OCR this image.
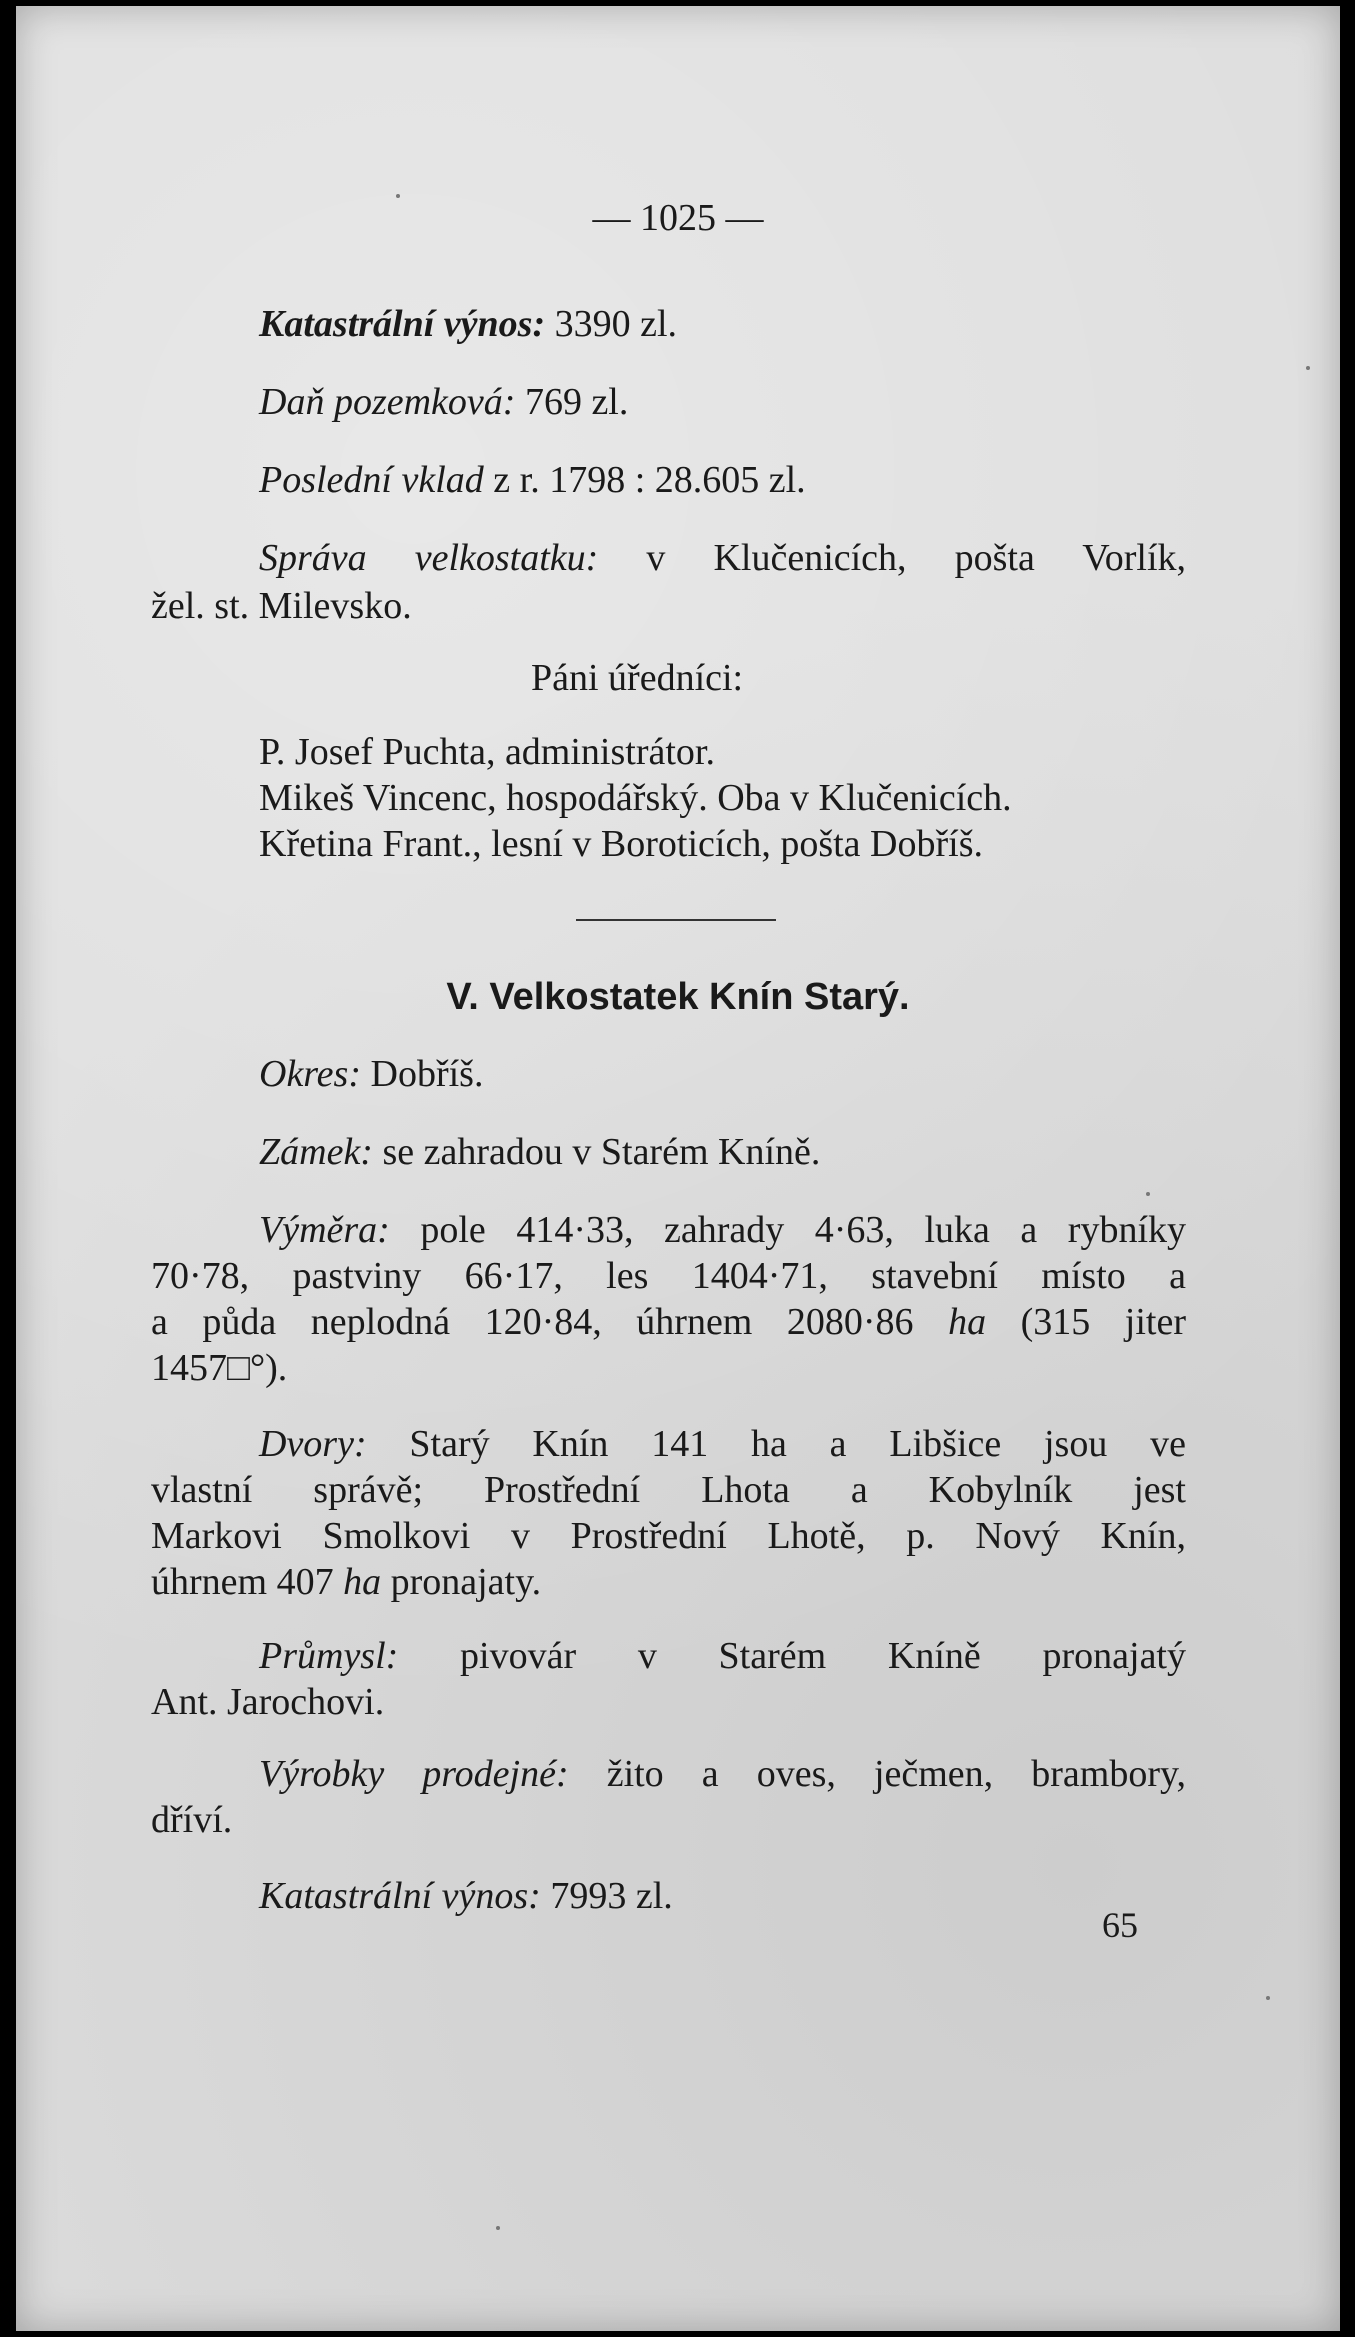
— 1025 —
Katastrální výnos: 3390 zl.
Daň pozemková: 769 zl.
Poslední vklad z r. 1798 : 28.605 zl.
Správa velkostatku: v Klučenicích, pošta Vorlík,
žel. st. Milevsko.
Páni úředníci:
P. Josef Puchta, administrátor.
Mikeš Vincenc, hospodářský. Oba v Klučenicích.
Křetina Frant., lesní v Boroticích, pošta Dobříš.
V. Velkostatek Knín Starý.
Okres: Dobříš.
Zámek: se zahradou v Starém Kníně.
Výměra: pole 414·33, zahrady 4·63, luka a rybníky
70·78, pastviny 66·17, les 1404·71, stavební místo a
a půda neplodná 120·84, úhrnem 2080·86 ha (315 jiter
1457□°).
Dvory: Starý Knín 141 ha a Libšice jsou ve
vlastní správě; Prostřední Lhota a Kobylník jest
Markovi Smolkovi v Prostřední Lhotě, p. Nový Knín,
úhrnem 407 ha pronajaty.
Průmysl: pivovár v Starém Kníně pronajatý
Ant. Jarochovi.
Výrobky prodejné: žito a oves, ječmen, brambory,
dříví.
Katastrální výnos: 7993 zl.
65
